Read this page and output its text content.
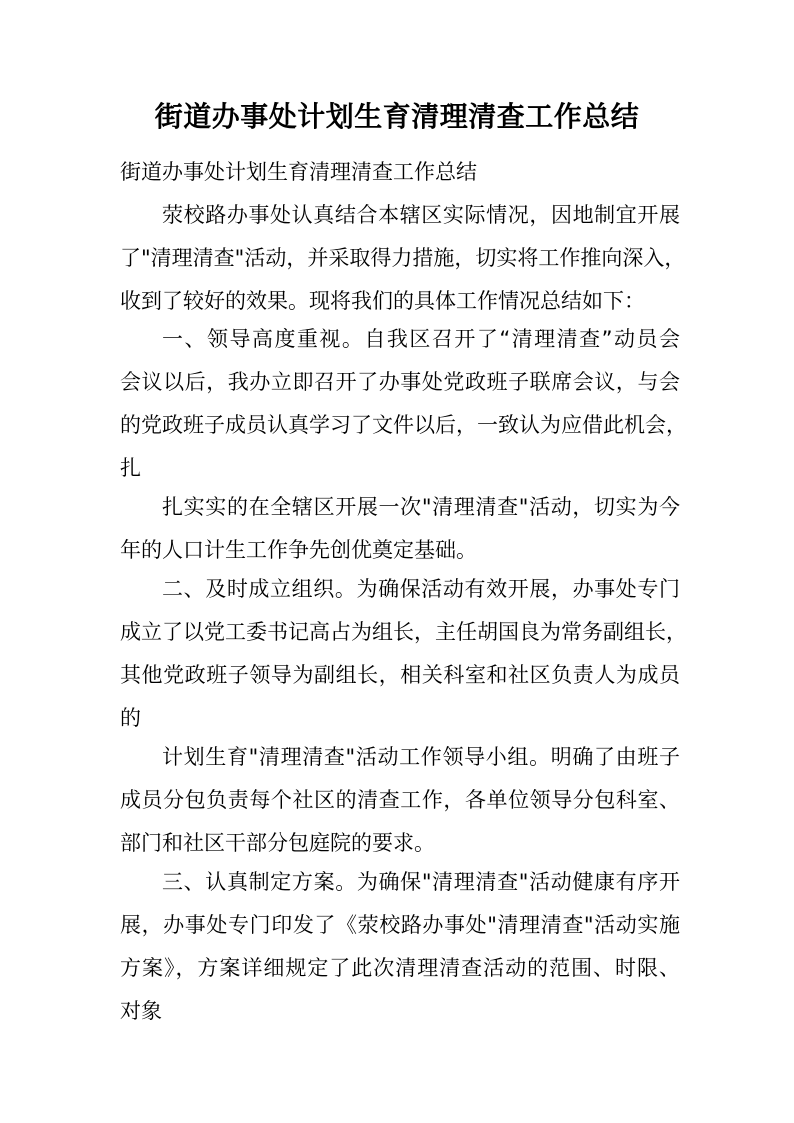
街道办事处计划生育清理清查工作总结
街道办事处计划生育清理清查工作总结
荥校路办事处认真结合本辖区实际情况，因地制宜开展
了"清理清查"活动，并采取得力措施，切实将工作推向深入，
收到了较好的效果。现将我们的具体工作情况总结如下：
一、领导高度重视。自我区召开了“清理清查”动员会
会议以后，我办立即召开了办事处党政班子联席会议，与会
的党政班子成员认真学习了文件以后，一致认为应借此机会，
扎
扎实实的在全辖区开展一次"清理清查"活动，切实为今
年的人口计生工作争先创优奠定基础。
二、及时成立组织。为确保活动有效开展，办事处专门
成立了以党工委书记高占为组长，主任胡国良为常务副组长，
其他党政班子领导为副组长，相关科室和社区负责人为成员
的
计划生育"清理清查"活动工作领导小组。明确了由班子
成员分包负责每个社区的清查工作，各单位领导分包科室、
部门和社区干部分包庭院的要求。
三、认真制定方案。为确保"清理清查"活动健康有序开
展，办事处专门印发了《荥校路办事处"清理清查"活动实施
方案》，方案详细规定了此次清理清查活动的范围、时限、
对象
